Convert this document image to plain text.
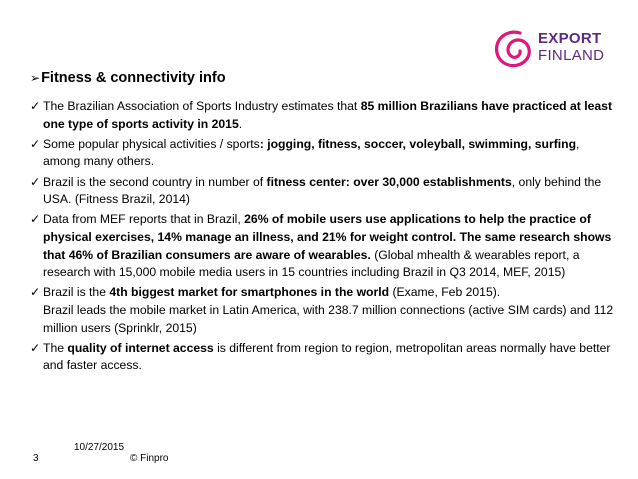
EXPORT
FINLAND
➢Fitness & connectivity info
✓ The Brazilian Association of Sports Industry estimates that 85 million Brazilians have practiced at least one type of sports activity in 2015.
✓ Some popular physical activities / sports: jogging, fitness, soccer, voleyball, swimming, surfing, among many others.
✓ Brazil is the second country in number of fitness center: over 30,000 establishments, only behind the USA. (Fitness Brazil, 2014)
✓ Data from MEF reports that in Brazil, 26% of mobile users use applications to help the practice of physical exercises, 14% manage an illness, and 21% for weight control. The same research shows that 46% of Brazilian consumers are aware of wearables. (Global mhealth & wearables report, a research with 15,000 mobile media users in 15 countries including Brazil in Q3 2014, MEF, 2015)
✓ Brazil is the 4th biggest market for smartphones in the world (Exame, Feb 2015).
Brazil leads the mobile market in Latin America, with 238.7 million connections (active SIM cards) and 112 million users (Sprinklr, 2015)
✓ The quality of internet access is different from region to region, metropolitan areas normally have better and faster access.
3
10/27/2015
© Finpro
